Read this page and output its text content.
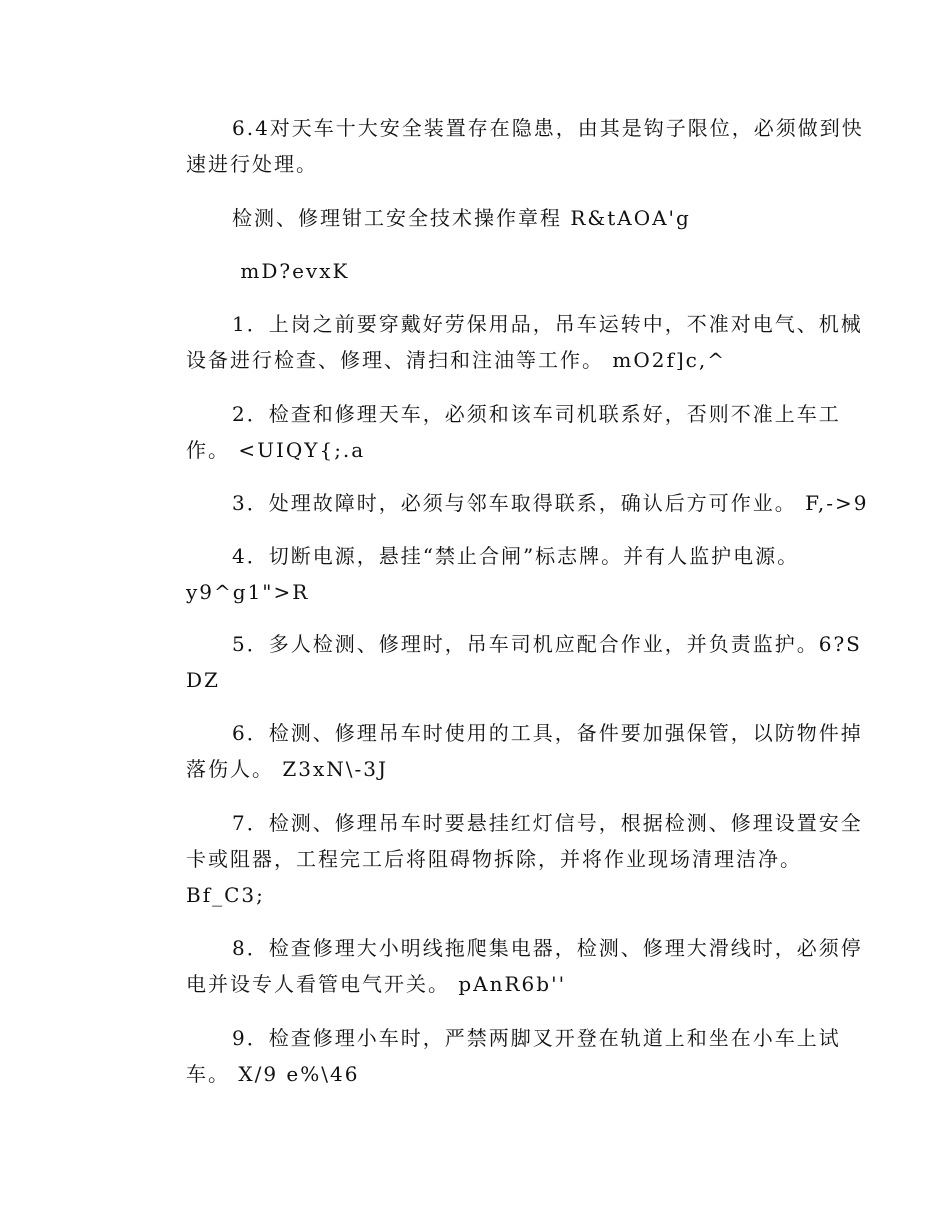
6.4对天车十大安全装置存在隐患，由其是钩子限位，必须做到快
速进行处理。
检测、修理钳工安全技术操作章程 R&tAOA'g
mD?evxK
1．上岗之前要穿戴好劳保用品，吊车运转中，不准对电气、机械
设备进行检查、修理、清扫和注油等工作。 mO2f]c,^
2．检查和修理天车，必须和该车司机联系好，否则不准上车工
作。 <UIQY{;.a
3．处理故障时，必须与邻车取得联系，确认后方可作业。 F,->9
4．切断电源，悬挂“禁止合闸”标志牌。并有人监护电源。
y9^g1">R
5．多人检测、修理时，吊车司机应配合作业，并负责监护。6?S
DZ
6．检测、修理吊车时使用的工具，备件要加强保管，以防物件掉
落伤人。 Z3xN\-3J
7．检测、修理吊车时要悬挂红灯信号，根据检测、修理设置安全
卡或阻器，工程完工后将阻碍物拆除，并将作业现场清理洁净。
Bf_C3;
8．检查修理大小明线拖爬集电器，检测、修理大滑线时，必须停
电并设专人看管电气开关。 pAnR6b''
9．检查修理小车时，严禁两脚叉开登在轨道上和坐在小车上试
车。 X/9 e%\46
